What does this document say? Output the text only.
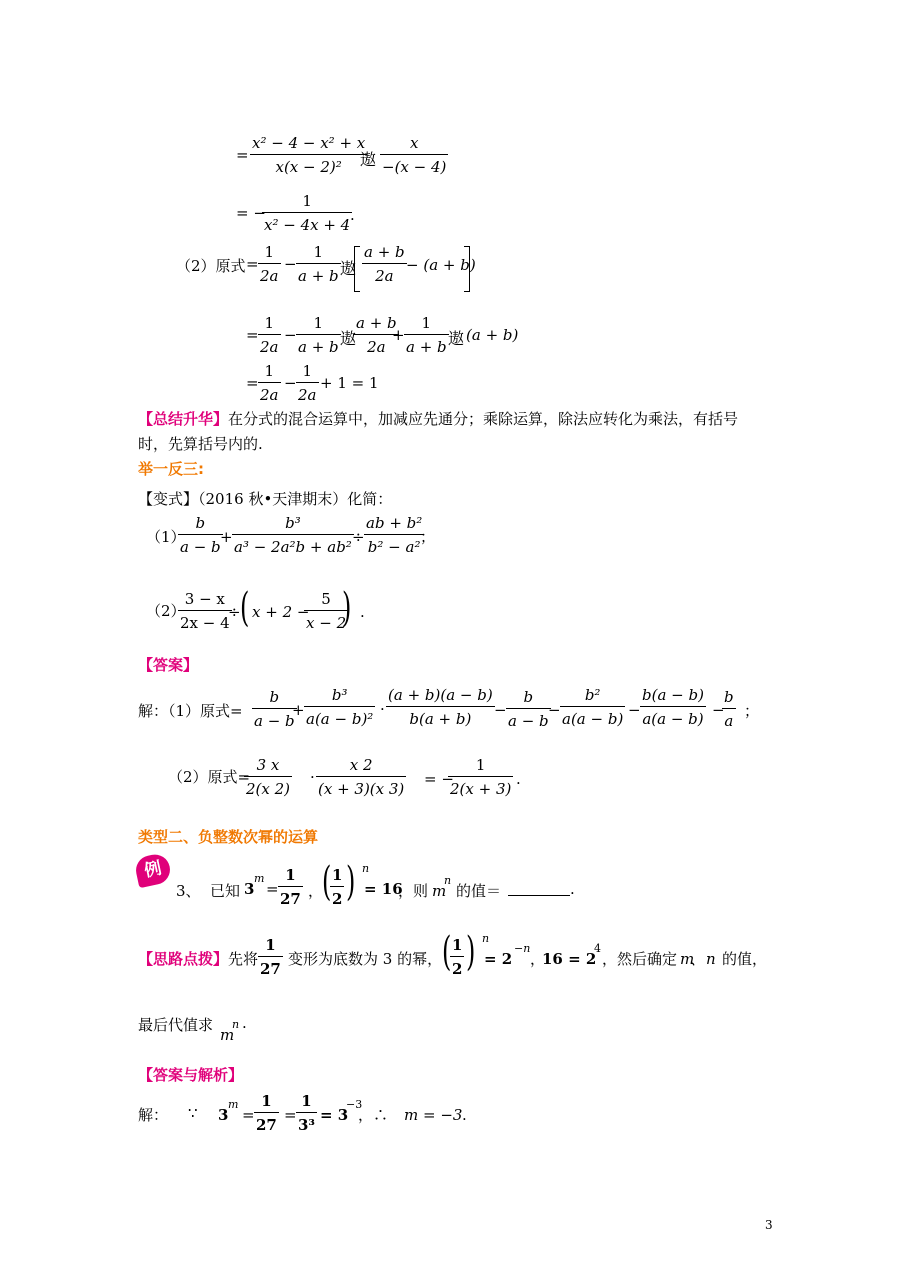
=
x² − 4 − x² + x
x(x − 2)²	遨
x
−(x − 4)
= −
1
x² − 4x + 4
.
（2）原式 =
1
2a
−
1
a + b 遨
a + b
2a
− (a + b)
=
1
2a
−
1
a + b 遨
a + b
2a
+
1
a + b 遨 (a + b)
=
1
2a
−
1
2a
+ 1 = 1
【总结升华】在分式的混合运算中，加减应先通分；乘除运算，除法应转化为乘法，有括号
时，先算括号内的.
举一反三:
【变式】（2016 秋•天津期末）化简：
（1）
b
a − b
+
b³
a³ − 2a²b + ab²
÷
ab + b²
b² − a²
；
（2）
3 − x
2x − 4
÷ ( x + 2 −
5
x − 2
) .
【答案】
解：（1）原式=
b
a − b
+
b³
a(a − b)²
·
(a + b)(a − b)
b(a + b)	−
b
a − b
−
b²
a(a − b) −
b(a − b)
a(a − b) −
b
a
；
（2）原式=
3 x
2(x 2)
·
x 2
(x + 3)(x 3)
= −
1
2(x + 3)
.
类型二、负整数次幂的运算
例
3、 已知 3
m
=
1
27 ，
( 1
2 ) n
= 16
，则 m
n
的值＝	.
【思路点拨】 先将
1
27
变形为底数为 3 的幂， ( 1
2 ) n
= 2
−n
，
16 = 2
4
，然后确定 m
、 n 的值，
最后代值求
m
n .
【答案与解析】
解： ∵ 3
m
=
1
27
=
1
3³
= 3
−3
，∴ m = −3 .
3
